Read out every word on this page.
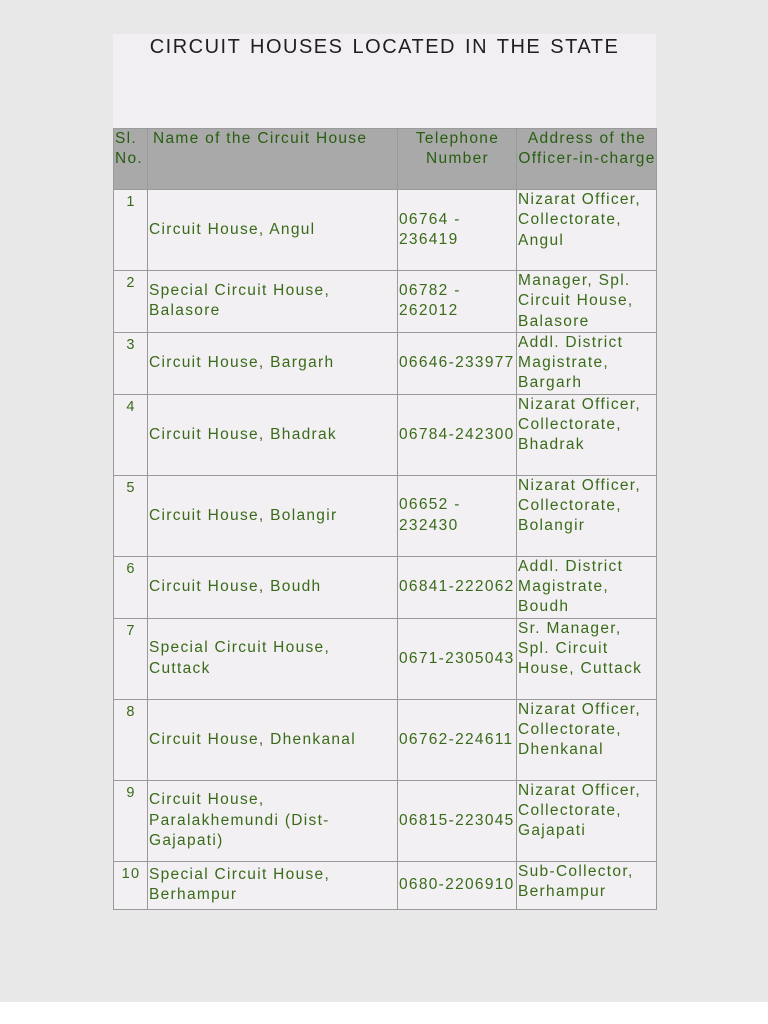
CIRCUIT HOUSES LOCATED IN THE STATE
Sl. No.	Name of the Circuit House	Telephone Number	Address of the Officer-in-charge
1	Circuit House, Angul	06764 - 236419	Nizarat Officer, Collectorate, Angul
2	Special Circuit House, Balasore	06782 - 262012	Manager, Spl. Circuit House, Balasore
3	Circuit House, Bargarh	06646-233977	Addl. District Magistrate, Bargarh
4	Circuit House, Bhadrak	06784-242300	Nizarat Officer, Collectorate, Bhadrak
5	Circuit House, Bolangir	06652 - 232430	Nizarat Officer, Collectorate, Bolangir
6	Circuit House, Boudh	06841-222062	Addl. District Magistrate, Boudh
7	Special Circuit House, Cuttack	0671-2305043	Sr. Manager, Spl. Circuit House, Cuttack
8	Circuit House, Dhenkanal	06762-224611	Nizarat Officer, Collectorate, Dhenkanal
9	Circuit House, Paralakhemundi (Dist-Gajapati)	06815-223045	Nizarat Officer, Collectorate, Gajapati
10	Special Circuit House, Berhampur	0680-2206910	Sub-Collector, Berhampur
